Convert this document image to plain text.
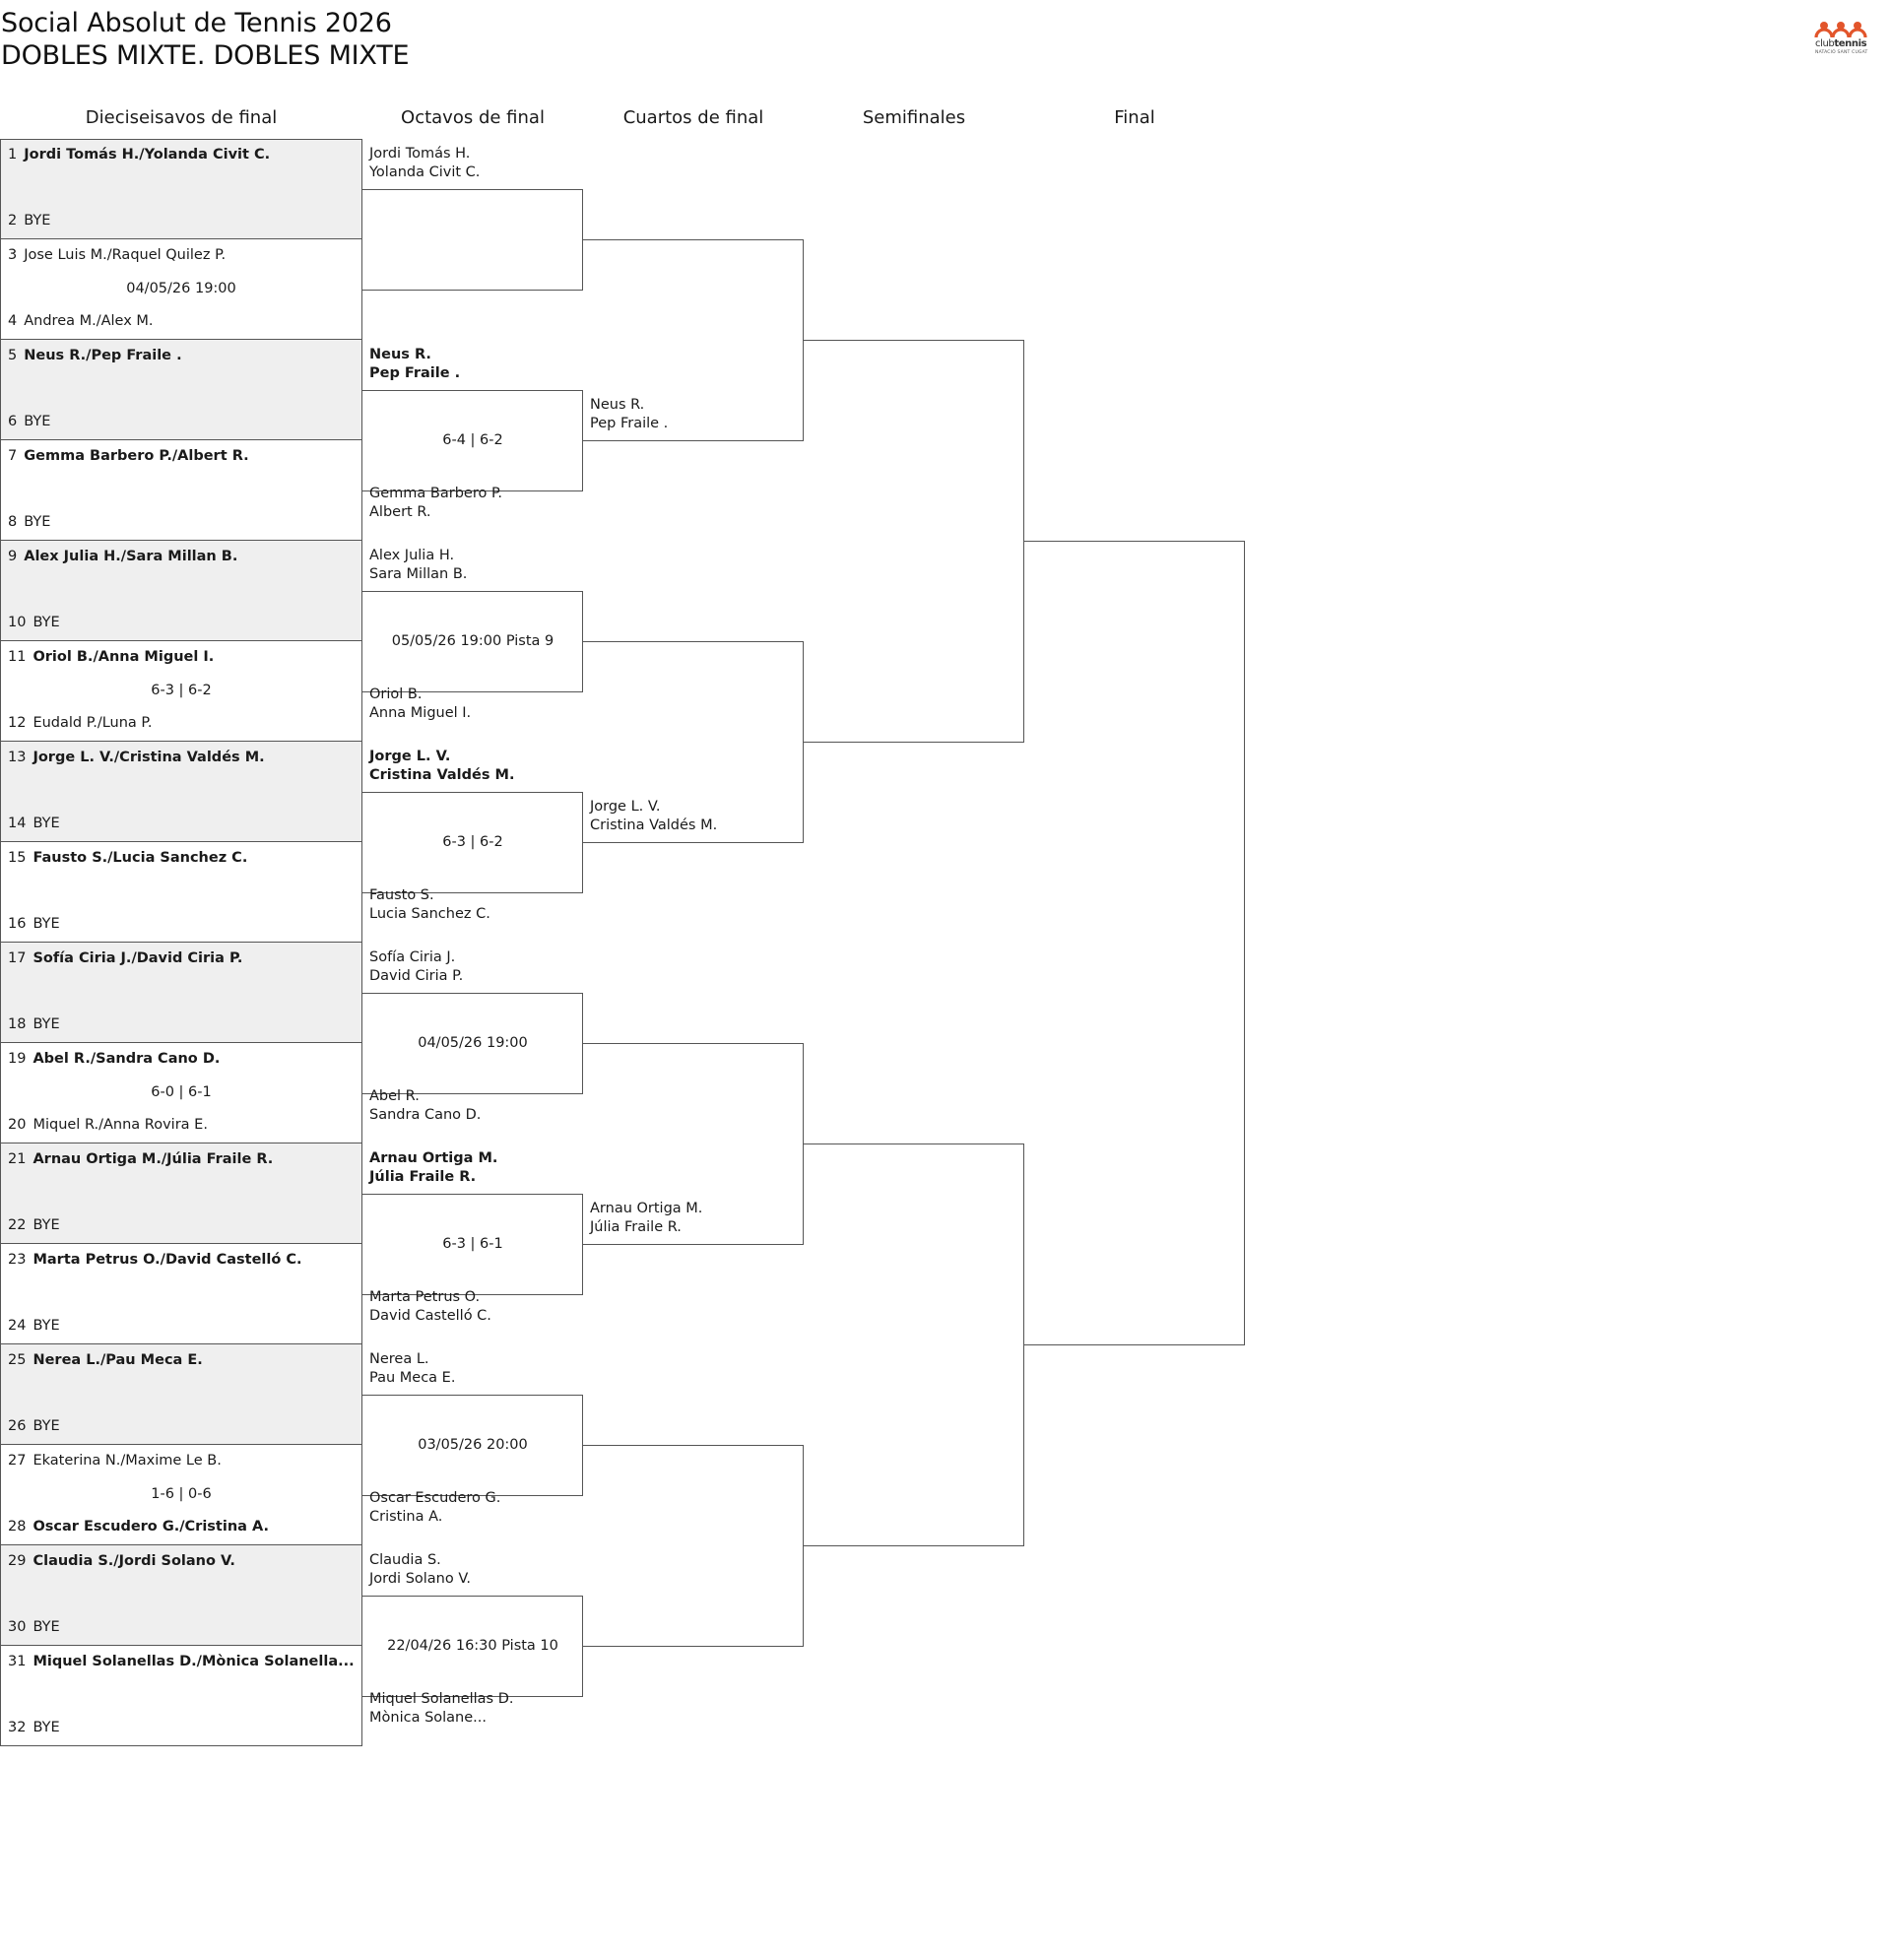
Social Absolut de Tennis 2026
DOBLES MIXTE. DOBLES MIXTE	clubtennis
NATACIÓ SANT CUGAT
Dieciseisavos de final	Octavos de final	Cuartos de final	Semifinales	Final
1 Jordi Tomás H./Yolanda Civit C.
2 BYE
3 Jose Luis M./Raquel Quilez P.
4 Andrea M./Alex M.
04/05/26 19:00
5 Neus R./Pep Fraile .
6 BYE
7 Gemma Barbero P./Albert R.
8 BYE
9 Alex Julia H./Sara Millan B.
10 BYE
11 Oriol B./Anna Miguel I.
12 Eudald P./Luna P.
6-3 | 6-2
13 Jorge L. V./Cristina Valdés M.
14 BYE
15 Fausto S./Lucia Sanchez C.
16 BYE
17 Sofía Ciria J./David Ciria P.
18 BYE
19 Abel R./Sandra Cano D.
20 Miquel R./Anna Rovira E.
6-0 | 6-1
21 Arnau Ortiga M./Júlia Fraile R.
22 BYE
23 Marta Petrus O./David Castelló C.
24 BYE
25 Nerea L./Pau Meca E.
26 BYE
27 Ekaterina N./Maxime Le B.
28 Oscar Escudero G./Cristina A.
1-6 | 0-6
29 Claudia S./Jordi Solano V.
30 BYE
31 Miquel Solanellas D./Mònica Solanella...
32 BYE
Jordi Tomás H.
Yolanda Civit C.
Neus R.
Pep Fraile .
Gemma Barbero P.
Albert R.
6-4 | 6-2
Alex Julia H.
Sara Millan B.
Oriol B.
Anna Miguel I.
05/05/26 19:00 Pista 9
Jorge L. V.
Cristina Valdés M.
Fausto S.
Lucia Sanchez C.
6-3 | 6-2
Sofía Ciria J.
David Ciria P.
Abel R.
Sandra Cano D.
04/05/26 19:00
Arnau Ortiga M.
Júlia Fraile R.
Marta Petrus O.
David Castelló C.
6-3 | 6-1
Nerea L.
Pau Meca E.
Oscar Escudero G.
Cristina A.
03/05/26 20:00
Claudia S.
Jordi Solano V.
Miquel Solanellas D.
Mònica Solane...
22/04/26 16:30 Pista 10
Neus R.
Pep Fraile .
Jorge L. V.
Cristina Valdés M.
Arnau Ortiga M.
Júlia Fraile R.
